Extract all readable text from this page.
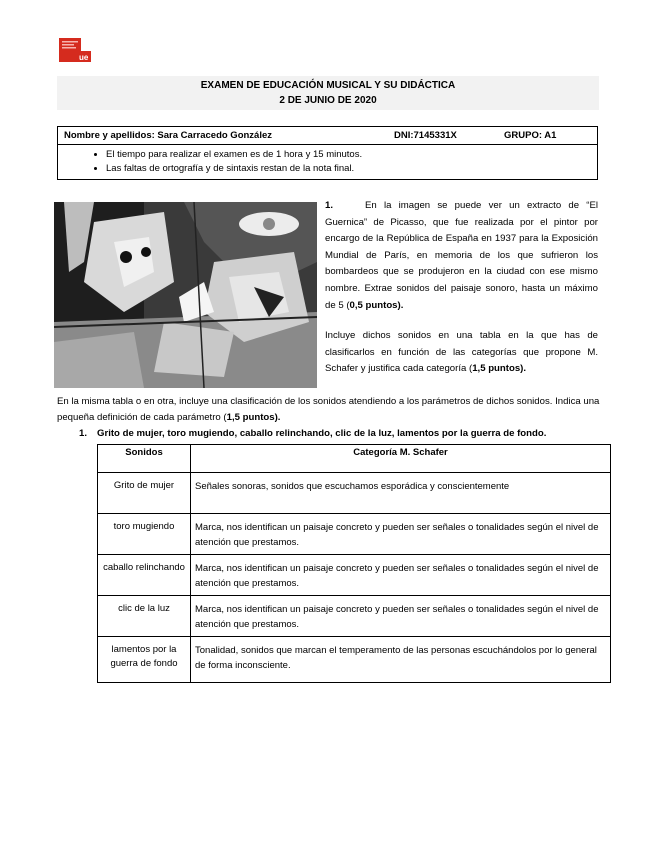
ue
EXAMEN DE EDUCACIÓN MUSICAL Y SU DIDÁCTICA
2 DE JUNIO DE 2020
Nombre y apellidos: Sara Carracedo González	DNI:7145331X	GRUPO: A1

• El tiempo para realizar el examen es de 1 hora y 15 minutos.
• Las faltas de ortografía y de sintaxis restan de la nota final.

1.	En la imagen se puede ver un extracto de “El Guernica” de Picasso, que fue realizada por el pintor por encargo de la República de España en 1937 para la Exposición Mundial de París, en memoria de los que sufrieron los bombardeos que se produjeron en la ciudad con ese mismo nombre. Extrae sonidos del paisaje sonoro, hasta un máximo de 5 (0,5 puntos).

Incluye dichos sonidos en una tabla en la que has de clasificarlos en función de las categorías que propone M. Schafer y justifica cada categoría (1,5 puntos).

En la misma tabla o en otra, incluye una clasificación de los sonidos atendiendo a los parámetros de dichos sonidos. Indica una pequeña definición de cada parámetro (1,5 puntos).

1. Grito de mujer, toro mugiendo, caballo relinchando, clic de la luz, lamentos por la guerra de fondo.

Sonidos	Categoría M. Schafer
Grito de mujer	Señales sonoras, sonidos que escuchamos esporádica y conscientemente
toro mugiendo	Marca, nos identifican un paisaje concreto y pueden ser señales o tonalidades según el nivel de atención que prestamos.
caballo relinchando	Marca, nos identifican un paisaje concreto y pueden ser señales o tonalidades según el nivel de atención que prestamos.
clic de la luz	Marca, nos identifican un paisaje concreto y pueden ser señales o tonalidades según el nivel de atención que prestamos.
lamentos por la guerra de fondo	Tonalidad, sonidos que marcan el temperamento de las personas escuchándolos por lo general de forma inconsciente.
